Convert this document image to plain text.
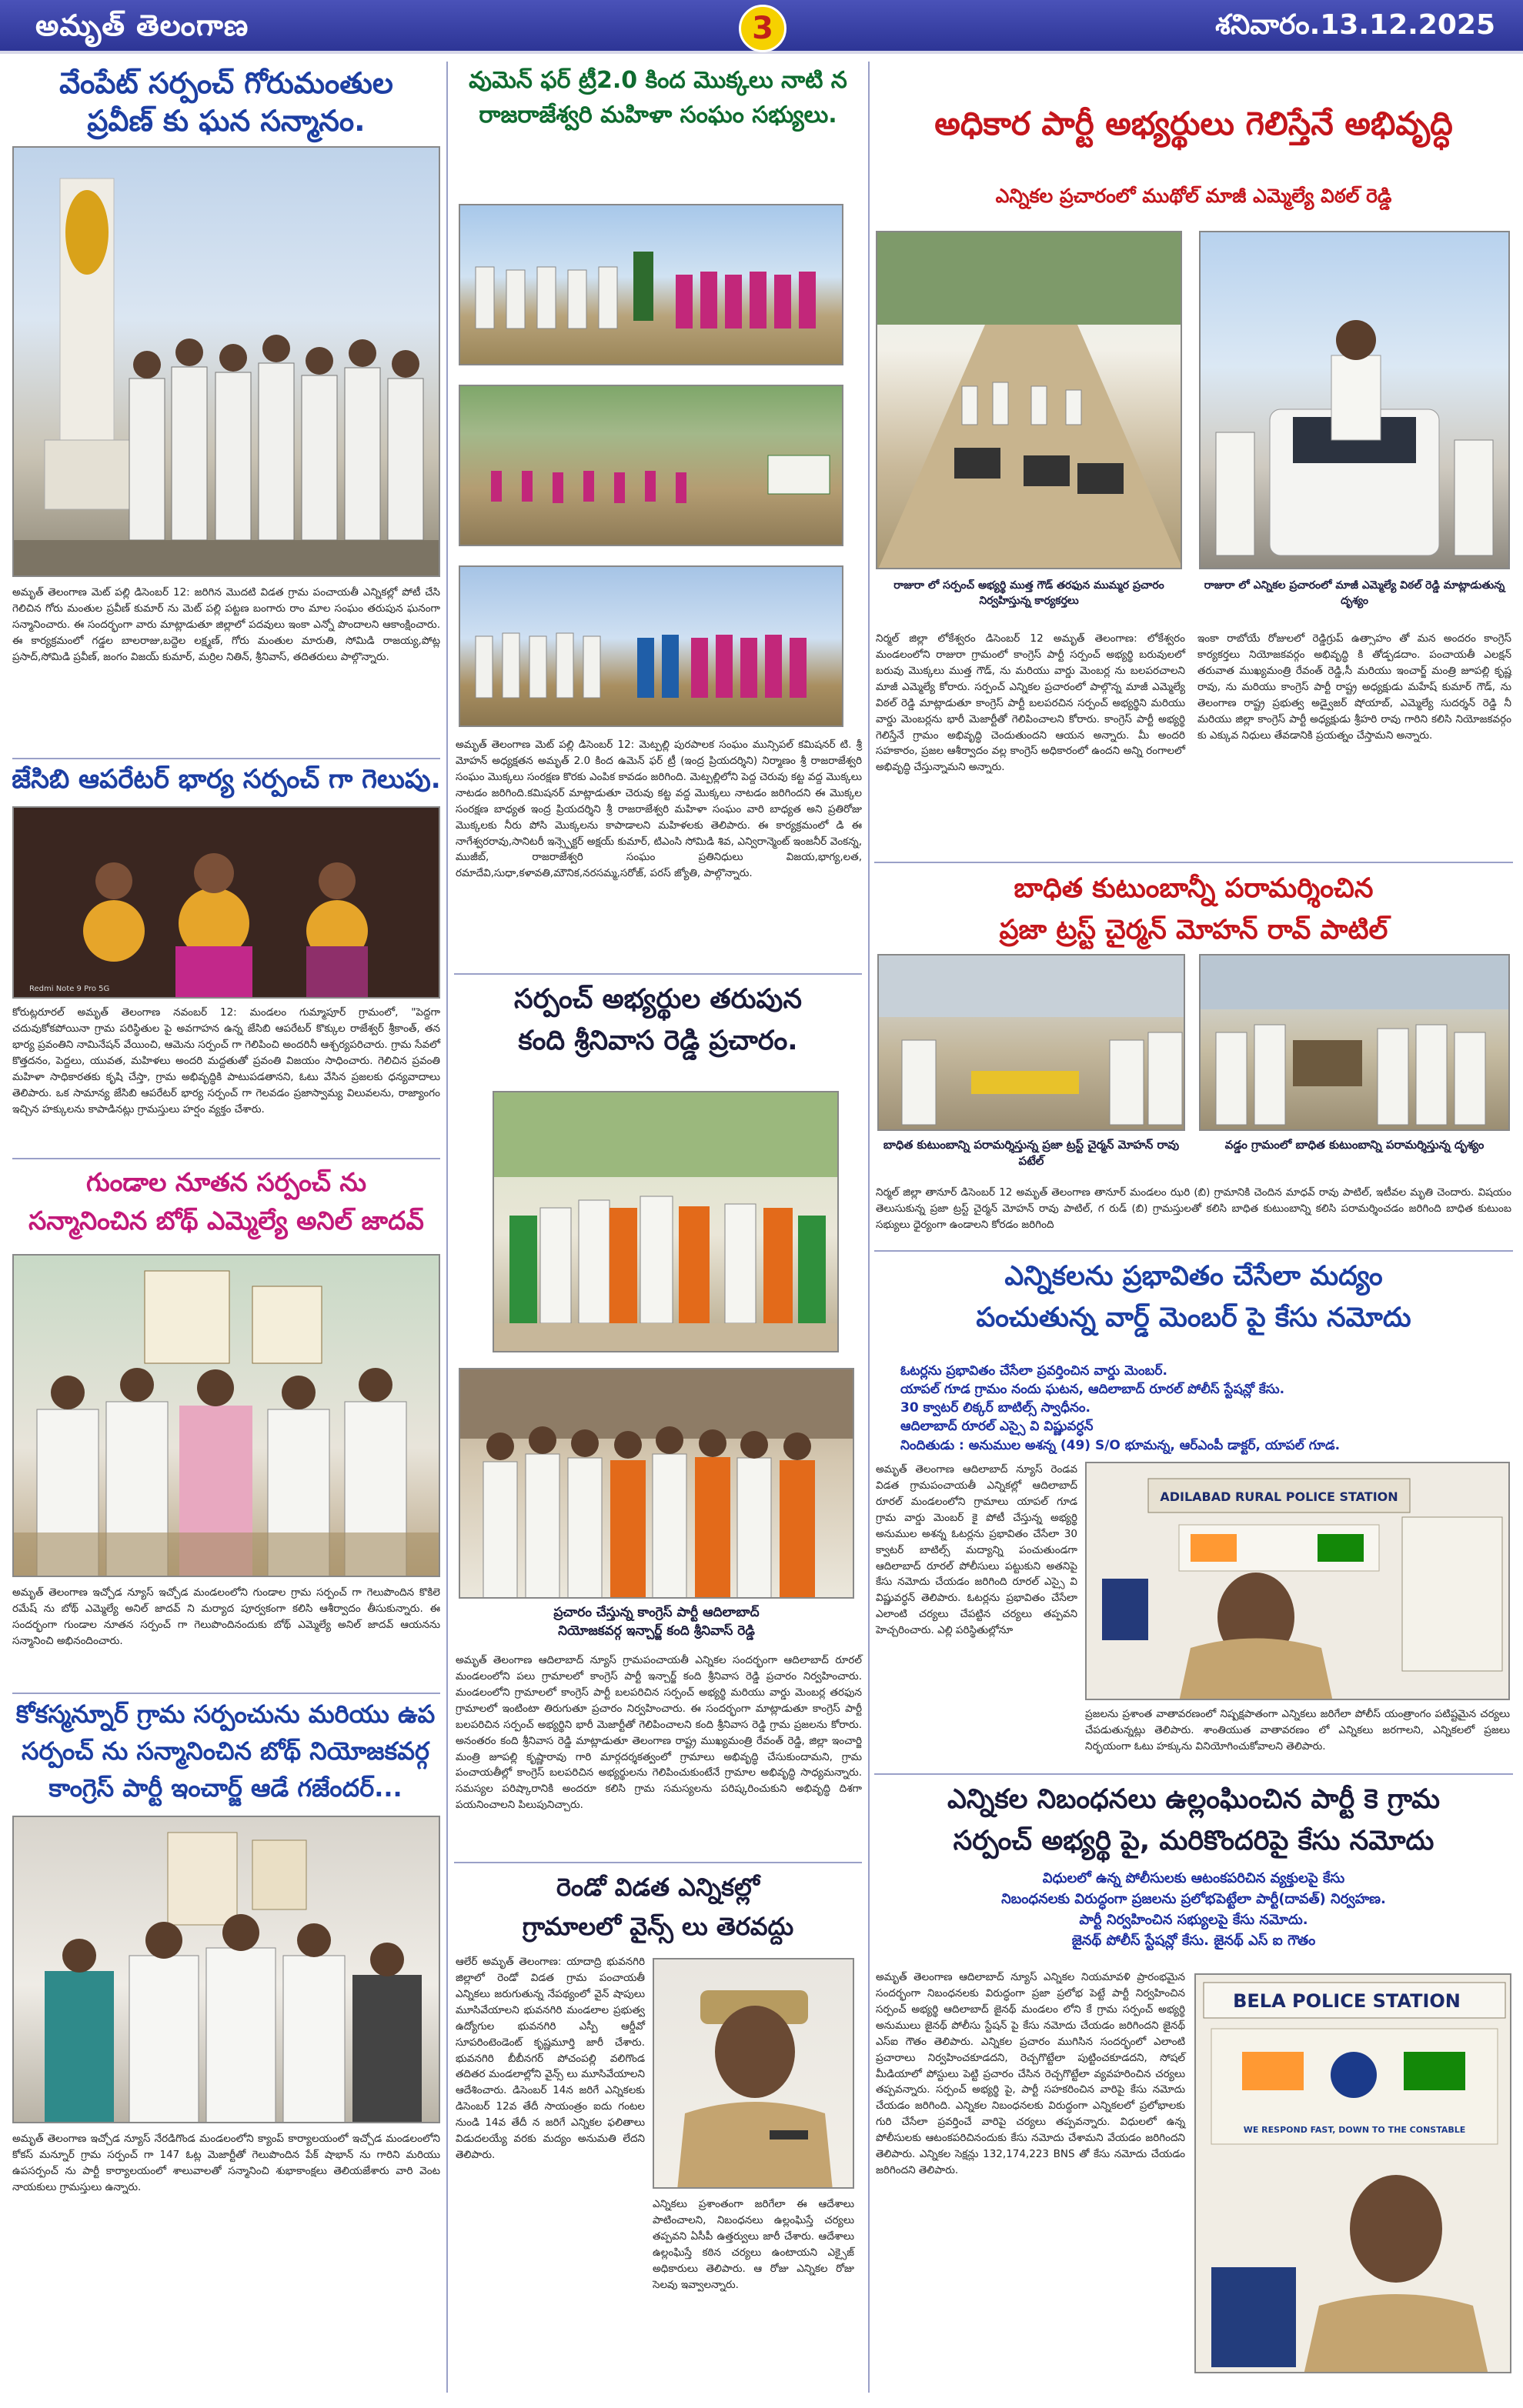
అమృత్ తెలంగాణ	3	శనివారం.13.12.2025
వేంపేట్ సర్పంచ్ గోరుమంతుల
ప్రవీణ్ కు ఘన సన్మానం.
అమృత్ తెలంగాణ మెట్ పల్లి డిసెంబర్ 12: జరిగిన మొదటి విడత గ్రామ పంచాయతీ ఎన్నికల్లో పోటీ చేసి గెలిచిన గోరు మంతుల ప్రవీణ్ కుమార్ ను మెట్ పల్లి పట్టణ బంగారు రాం మాల సంఘం తరుపున ఘనంగా సన్మానించారు. ఈ సందర్భంగా వారు మాట్లాడుతూ జిల్లాలో పదవులు ఇంకా ఎన్నో పొందాలని ఆకాంక్షించారు. ఈ కార్యక్రమంలో గడ్డల బాలరాజు,బద్దెల లక్ష్మణ్, గోరు మంతుల మారుతి, సోమిడి రాజయ్య,పోట్ల ప్రసాద్,సోమిడి ప్రవీణ్, జంగం విజయ్ కుమార్, మర్రిల నితిన్, శ్రీనివాస్, తదితరులు పాల్గొన్నారు.
జేసిబి ఆపరేటర్ భార్య సర్పంచ్ గా గెలుపు.
Redmi Note 9 Pro 5G
కోరుట్లరూరల్ అమృత్ తెలంగాణ నవంబర్ 12: మండలం గుమ్మాపూర్ గ్రామంలో, "పెద్దగా చదువుకోకపోయినా గ్రామ పరిస్థితుల పై అవగాహన ఉన్న జేసిబి ఆపరేటర్ కొక్కుల రాజేశ్వర్ శ్రీకాంత్, తన భార్య ప్రవంతిని నామినేషన్ వేయించి, ఆమెను సర్పంచ్ గా గెలిపించి అందరినీ ఆశ్చర్యపరిచారు. గ్రామ సేవలో కొత్తదనం, పెద్దలు, యువత, మహిళలు అందరి మద్దతుతో ప్రవంతి విజయం సాధించారు. గెలిచిన ప్రవంతి మహిళా సాధికారతకు కృషి చేస్తా, గ్రామ అభివృద్ధికి పాటుపడతానని, ఓటు వేసిన ప్రజలకు ధన్యవాదాలు తెలిపారు. ఒక సామాన్య జేసిబి ఆపరేటర్ భార్య సర్పంచ్ గా గెలవడం ప్రజాస్వామ్య విలువలను, రాజ్యాంగం ఇచ్చిన హక్కులను కాపాడినట్లు గ్రామస్తులు హర్షం వ్యక్తం చేశారు.
గుండాల నూతన సర్పంచ్ ను
సన్మానించిన బోథ్ ఎమ్మెల్యే అనిల్ జాదవ్
అమృత్ తెలంగాణ ఇచ్చోడ న్యూస్ ఇచ్చోడ మండలంలోని గుండాల గ్రామ సర్పంచ్ గా గెలుపొందిన కొకిలె రమేష్ ను బోథ్ ఎమ్మెల్యే అనిల్ జాదవ్ ని మర్యాద పూర్వకంగా కలిసి ఆశీర్వాదం తీసుకున్నారు. ఈ సందర్భంగా గుండాల నూతన సర్పంచ్ గా గెలుపొందినందుకు బోథ్ ఎమ్మెల్యే అనిల్ జాదవ్ ఆయనను సన్మానించి అభినందించారు.
కోకస్మన్నూర్ గ్రామ సర్పంచును మరియు ఉప
సర్పంచ్ ను సన్మానించిన బోథ్ నియోజకవర్గ
కాంగ్రెస్ పార్టీ ఇంచార్జ్ ఆడే గజేందర్...
అమృత్ తెలంగాణ ఇచ్చోడ న్యూస్ నేరడిగొండ మండలంలోని క్యాంప్ కార్యాలయంలో ఇచ్చోడ మండలంలోని కోకస్ మన్నూర్ గ్రామ సర్పంచ్ గా 147 ఓట్ల మెజార్టీతో గెలుపొందిన పేక్ షాభాన్ ను గారిని మరియు ఉపసర్పంచ్ ను పార్టీ కార్యాలయంలో శాలువాలతో సన్మానించి శుభాకాంక్షలు తెలియజేశారు వారి వెంట నాయకులు గ్రామస్తులు ఉన్నారు.
వుమెన్ ఫర్ ట్రీ2.0 కింద మొక్కలు నాటి న
రాజరాజేశ్వరి మహిళా సంఘం సభ్యులు.
అమృత్ తెలంగాణ మెట్ పల్లి డిసెంబర్ 12: మెట్పల్లి పురపాలక సంఘం మున్సిపల్ కమిషనర్ టి. శ్రీ మోహన్ అధ్యక్షతన అమృత్ 2.0 కింద ఉమెన్ ఫర్ ట్రీ (ఇంద్ర ప్రియదర్శిని) నిర్మాణం శ్రీ రాజరాజేశ్వరి సంఘం మొక్కలు సంరక్షణ కొరకు ఎంపిక కావడం జరిగింది. మెట్పల్లిలోని పెద్ద చెరువు కట్ట వద్ద మొక్కలు నాటడం జరిగింది.కమిషనర్ మాట్లాడుతూ చెరువు కట్ట వద్ద మొక్కలు నాటడం జరిగిందని ఈ మొక్కల సంరక్షణ బాధ్యత ఇంద్ర ప్రియదర్శిని శ్రీ రాజరాజేశ్వరి మహిళా సంఘం వారి బాధ్యత అని ప్రతిరోజు మొక్కలకు నీరు పోసి మొక్కలను కాపాడాలని మహిళలకు తెలిపారు. ఈ కార్యక్రమంలో డి ఈ నాగేశ్వరరావు,సానిటరీ ఇన్స్పెక్టర్ అక్షయ్ కుమార్, టిఎంసి సోమిడి శివ, ఎన్విరాన్మెంట్ ఇంజనీర్ వెంకన్న, ముజీబ్, రాజరాజేశ్వరి సంఘం ప్రతినిధులు విజయ,భాగ్య,లత, రమాదేవి,సుధా,కళావతి,మౌనిక,నరసమ్మ,సరోజ్, పరస్ జ్యోతి, పాల్గొన్నారు.
సర్పంచ్ అభ్యర్థుల తరుపున
కంది శ్రీనివాస రెడ్డి ప్రచారం.
ప్రచారం చేస్తున్న కాంగ్రెస్ పార్టీ ఆదిలాబాద్
నియోజకవర్గ ఇన్చార్జ్ కంది శ్రీనివాస్ రెడ్డి
అమృత్ తెలంగాణ ఆదిలాబాద్ న్యూస్ గ్రామపంచాయతీ ఎన్నికల సందర్భంగా ఆదిలాబాద్ రూరల్ మండలంలోని పలు గ్రామాలలో కాంగ్రెస్ పార్టీ ఇన్చార్జ్ కంది శ్రీనివాస రెడ్డి ప్రచారం నిర్వహించారు. మండలంలోని గ్రామాలలో కాంగ్రెస్ పార్టీ బలపరిచిన సర్పంచ్ అభ్యర్థి మరియు వార్డు మెంబర్ల తరఫున గ్రామాలలో ఇంటింటా తిరుగుతూ ప్రచారం నిర్వహించారు. ఈ సందర్భంగా మాట్లాడుతూ కాంగ్రెస్ పార్టీ బలపరిచిన సర్పంచ్ అభ్యర్థిని భారీ మెజార్టీతో గెలిపించాలని కంది శ్రీనివాస రెడ్డి గ్రామ ప్రజలను కోరారు. అనంతరం కంది శ్రీనివాస రెడ్డి మాట్లాడుతూ తెలంగాణ రాష్ట్ర ముఖ్యమంత్రి రేవంత్ రెడ్డి, జిల్లా ఇంచార్జి మంత్రి జూపల్లి కృష్ణారావు గారి మార్గదర్శకత్వంలో గ్రామాలు అభివృద్ధి చేసుకుందామని, గ్రామ పంచాయతీల్లో కాంగ్రెస్ బలపరిచిన అభ్యర్థులను గెలిపించుకుంటేనే గ్రామాల అభివృద్ధి సాధ్యమన్నారు. సమస్యల పరిష్కారానికి అందరూ కలిసి గ్రామ సమస్యలను పరిష్కరించుకుని అభివృద్ధి దిశగా పయనించాలని పిలుపునిచ్చారు.
రెండో విడత ఎన్నికల్లో
గ్రామాలలో వైన్స్ లు తెరవద్దు
ఆలేర్ అమృత్ తెలంగాణ: యాదాద్రి భువనగిరి జిల్లాలో రెండో విడత గ్రామ పంచాయతీ ఎన్నికలు జరుగుతున్న నేపథ్యంలో వైన్ షాపులు మూసివేయాలని భువనగిరి మండలాల ప్రభుత్వ ఉద్యోగుల భువనగిరి ఎస్పీ ఆర్డీవో సూపరింటెండెంట్ కృష్ణమూర్తి జారీ చేశారు. భువనగిరి బీబీనగర్ పోచంపల్లి వలిగొండ తదితర మండలాల్లోని వైన్స్ లు మూసివేయాలని ఆదేశించారు. డిసెంబర్ 14న జరిగే ఎన్నికలకు డిసెంబర్ 12వ తేదీ సాయంత్రం ఐదు గంటల నుండి 14వ తేదీ న జరిగే ఎన్నికల ఫలితాలు విడుదలయ్యే వరకు మద్యం అనుమతి లేదని తెలిపారు.
ఎన్నికలు ప్రశాంతంగా జరిగేలా ఈ ఆదేశాలు పాటించాలని, నిబంధనలు ఉల్లంఘిస్తే చర్యలు తప్పవని ఏసీపీ ఉత్తర్వులు జారీ చేశారు. ఆదేశాలు ఉల్లంఘిస్తే కఠిన చర్యలు ఉంటాయని ఎక్సైజ్ అధికారులు తెలిపారు. ఆ రోజు ఎన్నికల రోజు సెలవు ఇవ్వాలన్నారు.
అధికార పార్టీ అభ్యర్థులు గెలిస్తేనే అభివృద్ధి
ఎన్నికల ప్రచారంలో ముథోల్ మాజీ ఎమ్మెల్యే విఠల్ రెడ్డి
రాజురా లో సర్పంచ్ అభ్యర్థి ముత్త గౌడ్ తరఫున ముమ్మర ప్రచారం నిర్వహిస్తున్న కార్యకర్తలు
రాజురా లో ఎన్నికల ప్రచారంలో మాజీ ఎమ్మెల్యే విఠల్ రెడ్డి మాట్లాడుతున్న దృశ్యం
నిర్మల్ జిల్లా లోకేశ్వరం డిసెంబర్ 12 అమృత్ తెలంగాణ: లోకేశ్వరం మండలంలోని రాజురా గ్రామంలో కాంగ్రెస్ పార్టీ సర్పంచ్ అభ్యర్థి బరువులలో బరువు మొక్కలు ముత్త గౌడ్, ను మరియు వార్డు మెంబర్ల ను బలపరచాలని మాజీ ఎమ్మెల్యే కోరారు. సర్పంచ్ ఎన్నికల ప్రచారంలో పాల్గొన్న మాజీ ఎమ్మెల్యే విఠల్ రెడ్డి మాట్లాడుతూ కాంగ్రెస్ పార్టీ బలపరచిన సర్పంచ్ అభ్యర్థిని మరియు వార్డు మెంబర్లను భారీ మెజార్టీతో గెలిపించాలని కోరారు. కాంగ్రెస్ పార్టీ అభ్యర్థి గెలిస్తేనే గ్రామం అభివృద్ధి చెందుతుందని ఆయన అన్నారు. మీ అందరి సహకారం, ప్రజల ఆశీర్వాదం వల్ల కాంగ్రెస్ అధికారంలో ఉందని అన్ని రంగాలలో అభివృద్ధి చేస్తున్నామని అన్నారు.
ఇంకా రాబోయే రోజులలో రెడ్డిగ్రుప్ ఉత్సాహం తో మన అందరం కాంగ్రెస్ కార్యకర్తలు నియోజకవర్గం అభివృద్ధి కి తోడ్పడదాం. పంచాయతీ ఎలక్షన్ తరువాత ముఖ్యమంత్రి రేవంత్ రెడ్డి,సీ మరియు ఇంచార్జ్ మంత్రి జూపల్లి కృష్ణ రావు, ను మరియు కాంగ్రెస్ పార్టీ రాష్ట్ర అధ్యక్షుడు మహేష్ కుమార్ గౌడ్, ను తెలంగాణ రాష్ట్ర ప్రభుత్వ అడ్వైజర్ షోయాబ్, ఎమ్మెల్యే సుదర్శన్ రెడ్డి నీ మరియు జిల్లా కాంగ్రెస్ పార్టీ అధ్యక్షుడు శ్రీహరి రావు గారిని కలిసి నియోజకవర్గం కు ఎక్కువ నిధులు తేవడానికి ప్రయత్నం చేస్తామని అన్నారు.
బాధిత కుటుంబాన్నీ పరామర్శించిన
ప్రజా ట్రస్ట్ చైర్మన్ మోహన్ రావ్ పాటిల్
బాధిత కుటుంబాన్ని పరామర్శిస్తున్న ప్రజా ట్రస్ట్ చైర్మన్ మోహన్ రావు పటేల్
వడ్డం గ్రామంలో బాధిత కుటుంబాన్ని పరామర్శిస్తున్న దృశ్యం
నిర్మల్ జిల్లా తానూర్ డిసెంబర్ 12 అమృత్ తెలంగాణ తానూర్ మండలం ఝరి (బి) గ్రామానికి చెందిన మాధవ్ రావు పాటిల్, ఇటీవల మృతి చెందారు. విషయం తెలుసుకున్న ప్రజా ట్రస్ట్ చైర్మన్ మోహన్ రావు పాటిల్, గ రుడ్ (బి) గ్రామస్తులతో కలిసి బాధిత కుటుంబాన్ని కలిసి పరామర్శించడం జరిగింది బాధిత కుటుంబ సభ్యులు ధైర్యంగా ఉండాలని కోరడం జరిగింది
ఎన్నికలను ప్రభావితం చేసేలా మద్యం
పంచుతున్న వార్డ్ మెంబర్ పై కేసు నమోదు
ఓటర్లను ప్రభావితం చేసేలా ప్రవర్తించిన వార్డు మెంబర్.
యాపల్ గూడ గ్రామం నందు ఘటన, ఆదిలాబాద్ రూరల్ పోలీస్ స్టేషన్లో కేసు.
30 క్వాటర్ లిక్కర్ బాటిల్స్ స్వాధీనం.
ఆదిలాబాద్ రూరల్ ఎస్సై వి విష్ణువర్ధన్
నిందితుడు : అనుముల అశన్న (49) S/O భూమన్న, ఆర్ఎంపీ డాక్టర్, యాపల్ గూడ.
అమృత్ తెలంగాణ ఆదిలాబాద్ న్యూస్ రెండవ విడత గ్రామపంచాయతీ ఎన్నికల్లో ఆదిలాబాద్ రూరల్ మండలంలోని గ్రామాలు యాపల్ గూడ గ్రామ వార్డు మెంబర్ కై పోటీ చేస్తున్న అభ్యర్థి అనుముల అశన్న ఓటర్లను ప్రభావితం చేసేలా 30 క్వాటర్ బాటిల్స్ మద్యాన్ని పంచుతుండగా ఆదిలాబాద్ రూరల్ పోలీసులు పట్టుకుని అతనిపై కేసు నమోదు చేయడం జరిగింది రూరల్ ఎస్సై వి విష్ణువర్ధన్ తెలిపారు. ఓటర్లను ప్రభావితం చేసేలా ఎలాంటి చర్యలు చేపట్టిన చర్యలు తప్పవని హెచ్చరించారు. ఎల్లి పరిస్థితుల్లోనూ
ADILABAD RURAL POLICE STATION
ప్రజలను ప్రశాంత వాతావరణంలో నిష్పక్షపాతంగా ఎన్నికలు జరిగేలా పోలీస్ యంత్రాంగం పటిష్టమైన చర్యలు చేపడుతున్నట్లు తెలిపారు. శాంతియుత వాతావరణం లో ఎన్నికలు జరగాలని, ఎన్నికలలో ప్రజలు నిర్భయంగా ఓటు హక్కును వినియోగించుకోవాలని తెలిపారు.
ఎన్నికల నిబంధనలు ఉల్లంఘించిన పార్టీ కె గ్రామ
సర్పంచ్ అభ్యర్థి పై, మరికొందరిపై కేసు నమోదు
విధులలో ఉన్న పోలీసులకు ఆటంకపరిచిన వ్యక్తులపై కేసు
నిబంధనలకు విరుద్ధంగా ప్రజలను ప్రలోభపెట్టేలా పార్టీ(దావత్) నిర్వహణ.
పార్టీ నిర్వహించిన సభ్యులపై కేసు నమోదు.
జైనథ్ పోలీస్ స్టేషన్లో కేసు. జైనథ్ ఎస్ ఐ గౌతం
అమృత్ తెలంగాణ ఆదిలాబాద్ న్యూస్ ఎన్నికల నియమావళి ప్రారంభమైన సందర్భంగా నిబంధనలకు విరుద్ధంగా ప్రజా ప్రలోభ పెట్టే పార్టీ నిర్వహించిన సర్పంచ్ అభ్యర్థి ఆదిలాబాద్ జైనథ్ మండలం లోని కే గ్రామ సర్పంచ్ అభ్యర్థి అనుములు జైనథ్ పోలీసు స్టేషన్ పై కేసు నమోదు చేయడం జరిగిందని జైనథ్ ఎస్ఐ గౌతం తెలిపారు. ఎన్నికల ప్రచారం ముగిసిన సందర్భంలో ఎలాంటి ప్రచారాలు నిర్వహించకూడదని, రెచ్చగొట్టేలా పుట్టించకూడదని, సోషల్ మీడియాలో పోస్టులు పెట్టి ప్రచారం చేసిన రెచ్చగొట్టేలా వ్యవహరించిన చర్యలు తప్పవన్నారు. సర్పంచ్ అభ్యర్థి పై, పార్టీ సహకరించిన వారిపై కేసు నమోదు చేయడం జరిగింది. ఎన్నికల నిబంధనలకు విరుద్ధంగా ఎన్నికలలో ప్రలోభాలకు గురి చేసేలా ప్రవర్తించే వారిపై చర్యలు తప్పవన్నారు. విధులలో ఉన్న పోలీసులకు ఆటంకపరిచినందుకు కేసు నమోదు చేశామని వేయడం జరిగిందని తెలిపారు. ఎన్నికల సెక్షన్లు 132,174,223 BNS తో కేసు నమోదు చేయడం జరిగిందని తెలిపారు.
BELA POLICE STATION
WE RESPOND FAST, DOWN TO THE CONSTABLE
